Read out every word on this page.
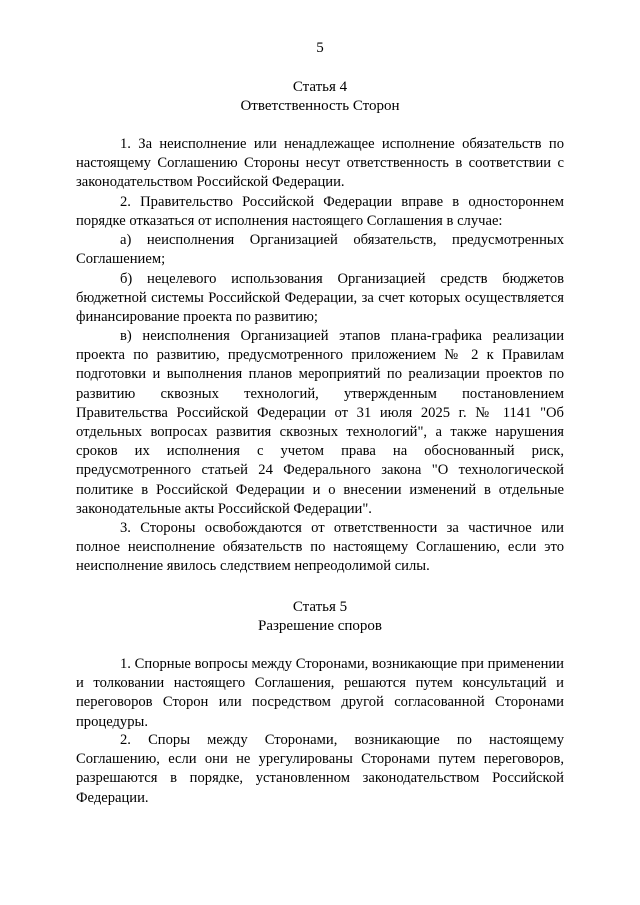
5
Статья 4
Ответственность Сторон
1. За неисполнение или ненадлежащее исполнение обязательств по настоящему Соглашению Стороны несут ответственность в соответствии с законодательством Российской Федерации.
2. Правительство Российской Федерации вправе в одностороннем порядке отказаться от исполнения настоящего Соглашения в случае:
а) неисполнения Организацией обязательств, предусмотренных Соглашением;
б) нецелевого использования Организацией средств бюджетов бюджетной системы Российской Федерации, за счет которых осуществляется финансирование проекта по развитию;
в) неисполнения Организацией этапов плана-графика реализации проекта по развитию, предусмотренного приложением № 2 к Правилам подготовки и выполнения планов мероприятий по реализации проектов по развитию сквозных технологий, утвержденным постановлением Правительства Российской Федерации от 31 июля 2025 г. № 1141 "Об отдельных вопросах развития сквозных технологий", а также нарушения сроков их исполнения с учетом права на обоснованный риск, предусмотренного статьей 24 Федерального закона "О технологической политике в Российской Федерации и о внесении изменений в отдельные законодательные акты Российской Федерации".
3. Стороны освобождаются от ответственности за частичное или полное неисполнение обязательств по настоящему Соглашению, если это неисполнение явилось следствием непреодолимой силы.
Статья 5
Разрешение споров
1. Спорные вопросы между Сторонами, возникающие при применении и толковании настоящего Соглашения, решаются путем консультаций и переговоров Сторон или посредством другой согласованной Сторонами процедуры.
2. Споры между Сторонами, возникающие по настоящему Соглашению, если они не урегулированы Сторонами путем переговоров, разрешаются в порядке, установленном законодательством Российской Федерации.
